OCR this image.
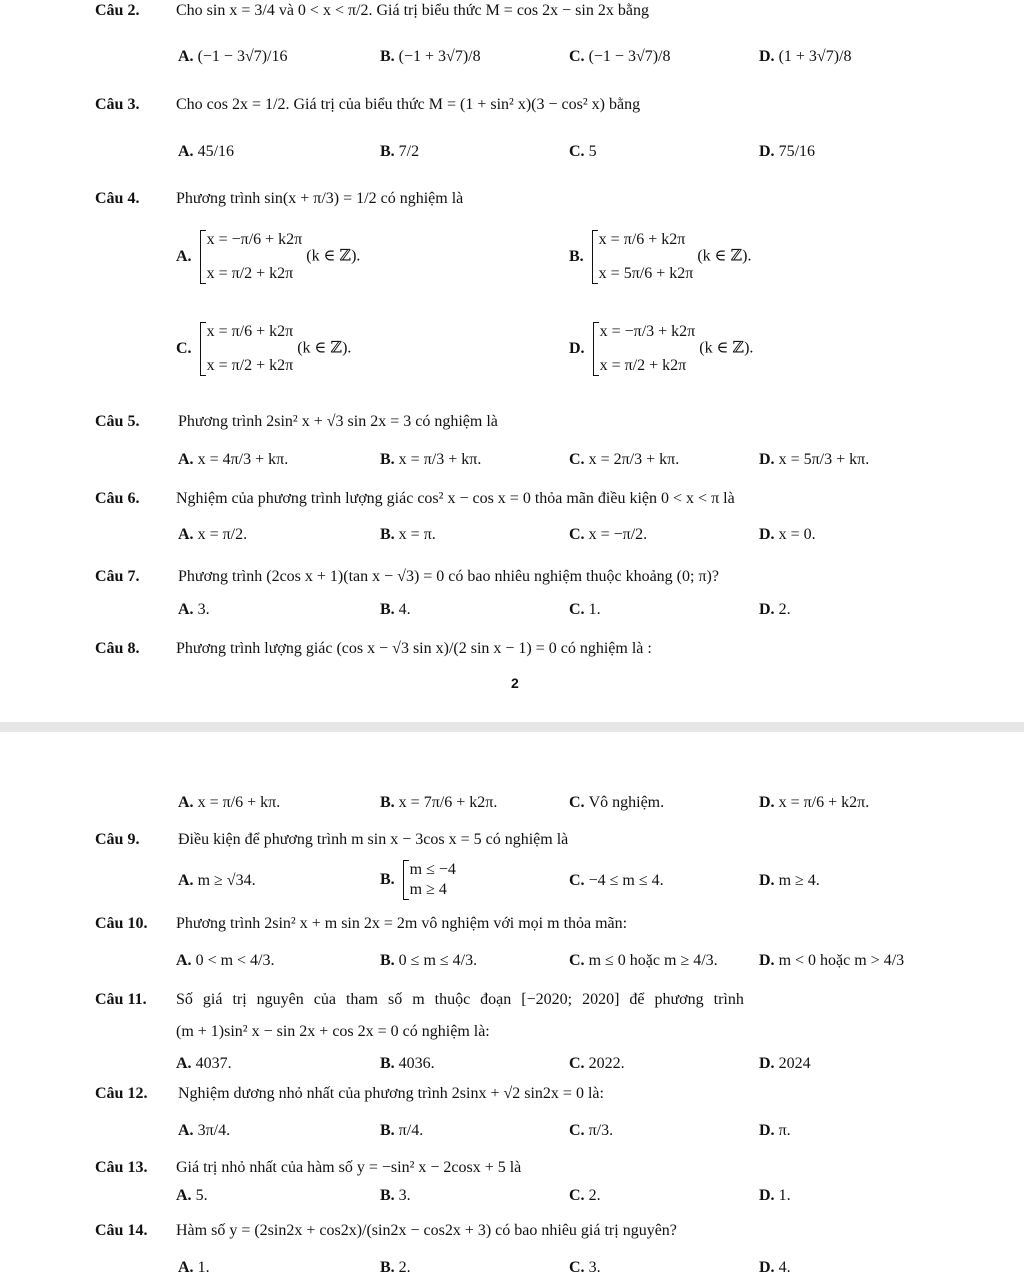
Câu 2. Cho sin x = 3/4 và 0 < x < π/2. Giá trị biểu thức M = cos 2x − sin 2x bằng
A. (−1 − 3√7)/16	B. (−1 + 3√7)/8	C. (−1 − 3√7)/8	D. (1 + 3√7)/8
Câu 3. Cho cos 2x = 1/2. Giá trị của biểu thức M = (1 + sin² x)(3 − cos² x) bằng
A. 45/16	B. 7/2	C. 5	D. 75/16
Câu 4. Phương trình sin(x + π/3) = 1/2 có nghiệm là
A.
x = −π/6 + k2π
x = π/2 + k2π
(k ∈ ℤ).	B.
x = π/6 + k2π
x = 5π/6 + k2π
(k ∈ ℤ).
C.
x = π/6 + k2π
x = π/2 + k2π
(k ∈ ℤ).	D.
x = −π/3 + k2π
x = π/2 + k2π
(k ∈ ℤ).
Câu 5. Phương trình 2sin² x + √3 sin 2x = 3 có nghiệm là
A. x = 4π/3 + kπ.	B. x = π/3 + kπ.	C. x = 2π/3 + kπ.	D. x = 5π/3 + kπ.
Câu 6. Nghiệm của phương trình lượng giác cos² x − cos x = 0 thỏa mãn điều kiện 0 < x < π là
A. x = π/2.	B. x = π.	C. x = −π/2.	D. x = 0.
Câu 7. Phương trình (2cos x + 1)(tan x − √3) = 0 có bao nhiêu nghiệm thuộc khoảng (0; π)?
A. 3.	B. 4.	C. 1.	D. 2.
Câu 8. Phương trình lượng giác (cos x − √3 sin x)/(2 sin x − 1) = 0 có nghiệm là :
2
A. x = π/6 + kπ.	B. x = 7π/6 + k2π.	C. Vô nghiệm.	D. x = π/6 + k2π.
Câu 9. Điều kiện để phương trình m sin x − 3cos x = 5 có nghiệm là
A. m ≥ √34.	B.
m ≤ −4
m ≥ 4
C. −4 ≤ m ≤ 4.	D. m ≥ 4.
Câu 10. Phương trình 2sin² x + m sin 2x = 2m vô nghiệm với mọi m thỏa mãn:
A. 0 < m < 4/3.	B. 0 ≤ m ≤ 4/3.	C. m ≤ 0 hoặc m ≥ 4/3.	D. m < 0 hoặc m > 4/3
Câu 11. Số giá trị nguyên của tham số m thuộc đoạn [−2020; 2020] để phương trình
(m + 1)sin² x − sin 2x + cos 2x = 0 có nghiệm là:
A. 4037.	B. 4036.	C. 2022.	D. 2024
Câu 12. Nghiệm dương nhỏ nhất của phương trình 2sinx + √2 sin2x = 0 là:
A. 3π/4.	B. π/4.	C. π/3.	D. π.
Câu 13. Giá trị nhỏ nhất của hàm số y = −sin² x − 2cosx + 5 là
A. 5.	B. 3.	C. 2.	D. 1.
Câu 14. Hàm số y = (2sin2x + cos2x)/(sin2x − cos2x + 3) có bao nhiêu giá trị nguyên?
A. 1.	B. 2.	C. 3.	D. 4.
